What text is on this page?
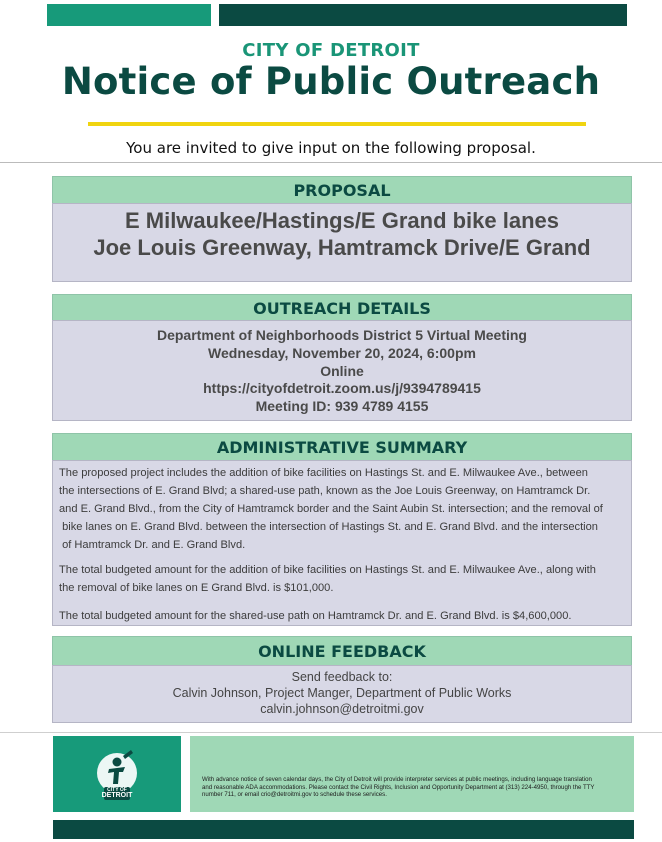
CITY OF DETROIT
Notice of Public Outreach
You are invited to give input on the following proposal.
PROPOSAL
E Milwaukee/Hastings/E Grand bike lanes
Joe Louis Greenway, Hamtramck Drive/E Grand
OUTREACH DETAILS
Department of Neighborhoods District 5 Virtual Meeting
Wednesday, November 20, 2024, 6:00pm
Online
https://cityofdetroit.zoom.us/j/9394789415
Meeting ID: 939 4789 4155
ADMINISTRATIVE SUMMARY
The proposed project includes the addition of bike facilities on Hastings St. and E. Milwaukee Ave., between
the intersections of E. Grand Blvd; a shared-use path, known as the Joe Louis Greenway, on Hamtramck Dr.
and E. Grand Blvd., from the City of Hamtramck border and the Saint Aubin St. intersection; and the removal of
bike lanes on E. Grand Blvd. between the intersection of Hastings St. and E. Grand Blvd. and the intersection
of Hamtramck Dr. and E. Grand Blvd.
The total budgeted amount for the addition of bike facilities on Hastings St. and E. Milwaukee Ave., along with
the removal of bike lanes on E Grand Blvd. is $101,000.
The total budgeted amount for the shared-use path on Hamtramck Dr. and E. Grand Blvd. is $4,600,000.
ONLINE FEEDBACK
Send feedback to:
Calvin Johnson, Project Manger, Department of Public Works
calvin.johnson@detroitmi.gov
CITY OF
DETROIT
With advance notice of seven calendar days, the City of Detroit will provide interpreter services at public meetings, including language translation
and reasonable ADA accommodations. Please contact the Civil Rights, Inclusion and Opportunity Department at (313) 224-4950, through the TTY
number 711, or email crio@detroitmi.gov to schedule these services.
